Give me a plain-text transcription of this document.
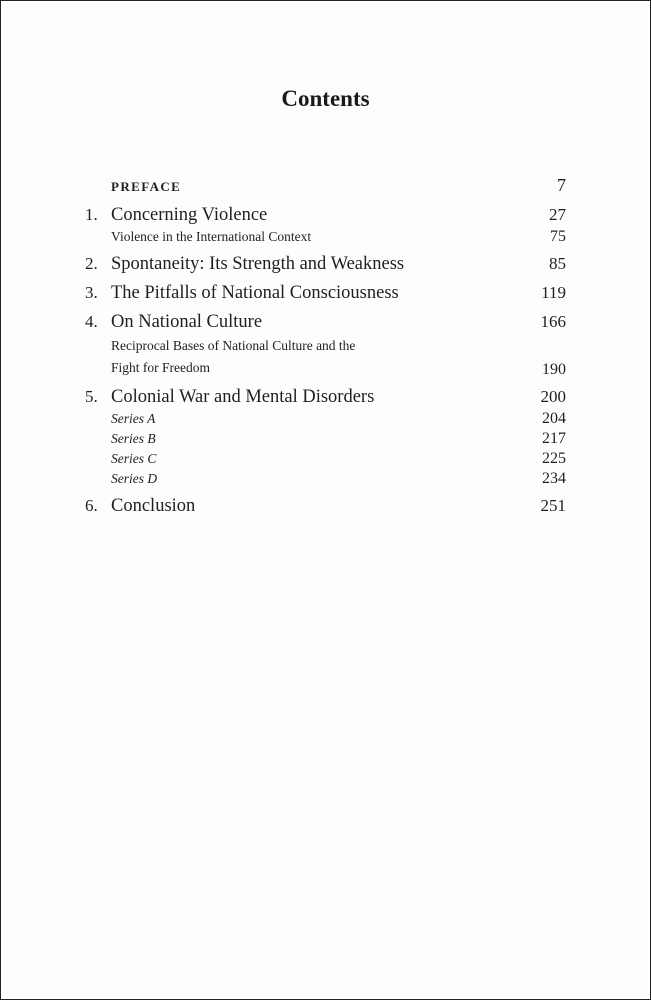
Contents
PREFACE	7
1. Concerning Violence	27
Violence in the International Context	75
2. Spontaneity: Its Strength and Weakness	85
3. The Pitfalls of National Consciousness	119
4. On National Culture	166
Reciprocal Bases of National Culture and the
Fight for Freedom	190
5. Colonial War and Mental Disorders	200
Series A	204
Series B	217
Series C	225
Series D	234
6. Conclusion	251
